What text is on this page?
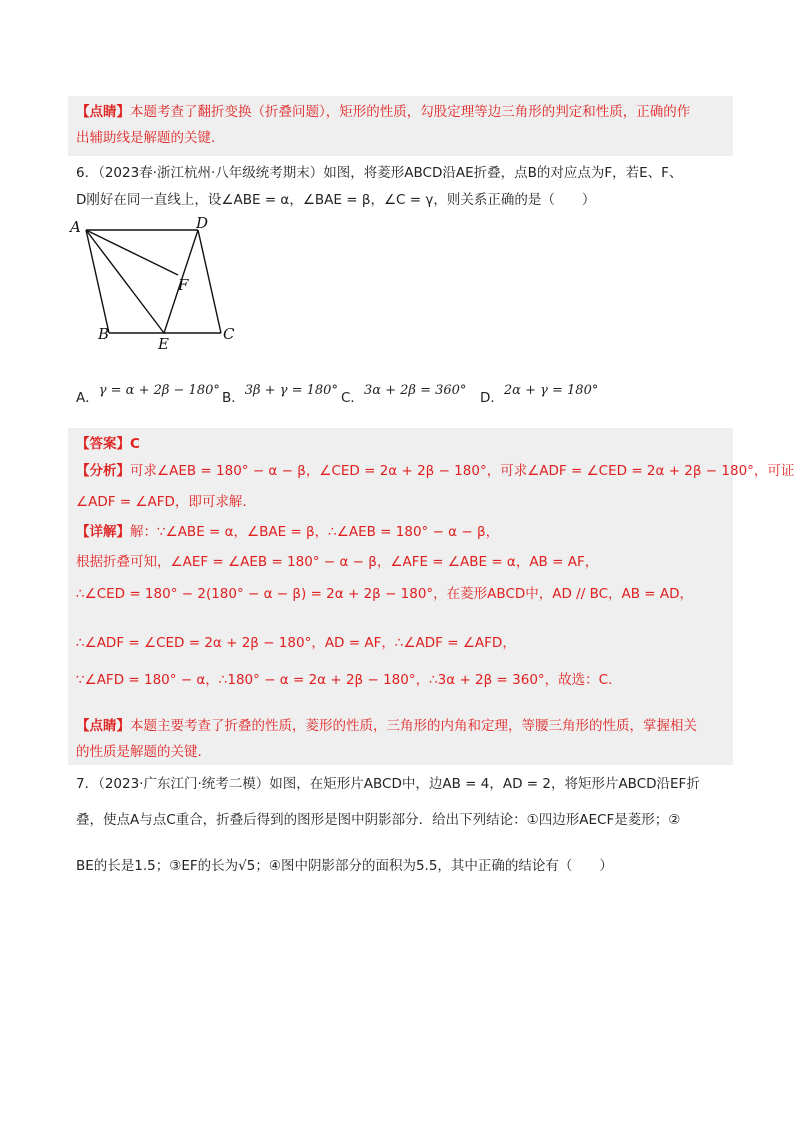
【点睛】本题考查了翻折变换（折叠问题），矩形的性质，勾股定理等边三角形的判定和性质，正确的作
出辅助线是解题的关键.
6．（2023春·浙江杭州·八年级统考期末）如图，将菱形ABCD沿AE折叠，点B的对应点为F，若E、F、
D刚好在同一直线上，设∠ABE = α，∠BAE = β，∠C = γ，则关系正确的是（　　）
A	D
F
B
E
C
A．γ = α + 2β − 180° B．3β + γ = 180° C．3α + 2β = 360° D．2α + γ = 180°
【答案】C
【分析】可求∠AEB = 180° − α − β，∠CED = 2α + 2β − 180°，可求∠ADF = ∠CED = 2α + 2β − 180°，可证
∠ADF = ∠AFD，即可求解.
【详解】解：∵∠ABE = α，∠BAE = β，∴∠AEB = 180° − α − β，
根据折叠可知，∠AEF = ∠AEB = 180° − α − β，∠AFE = ∠ABE = α，AB = AF，
∴∠CED = 180° − 2(180° − α − β) = 2α + 2β − 180°，在菱形ABCD中，AD // BC，AB = AD，
∴∠ADF = ∠CED = 2α + 2β − 180°，AD = AF，∴∠ADF = ∠AFD，
∵∠AFD = 180° − α，∴180° − α = 2α + 2β − 180°，∴3α + 2β = 360°，故选：C.
【点睛】本题主要考查了折叠的性质，菱形的性质，三角形的内角和定理，等腰三角形的性质，掌握相关
的性质是解题的关键.
7．（2023·广东江门·统考二模）如图，在矩形片ABCD中，边AB = 4，AD = 2，将矩形片ABCD沿EF折
叠，使点A与点C重合，折叠后得到的图形是图中阴影部分．给出下列结论：①四边形AECF是菱形；②
BE的长是1.5；③EF的长为√5；④图中阴影部分的面积为5.5，其中正确的结论有（　　）
